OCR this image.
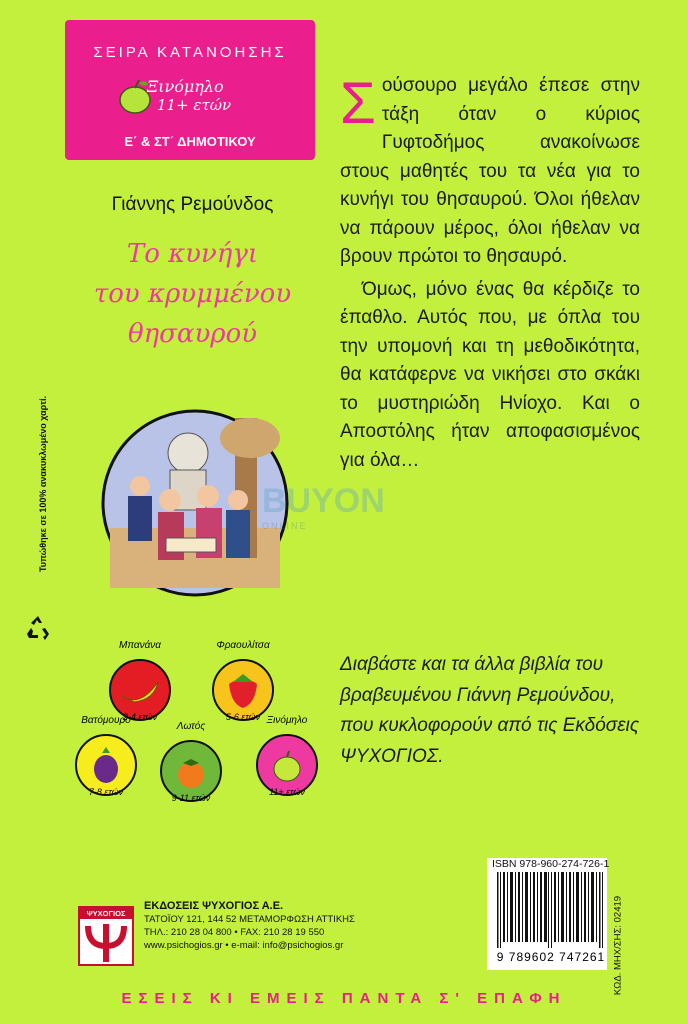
ΣΕΙΡΑ ΚΑΤΑΝΟΗΣΗΣ
Ξινόμηλο
11+ ετών
Ε΄ & ΣΤ΄ ΔΗΜΟΤΙΚΟΥ
Γιάννης Ρεμούνδος
Το κυνήγι
του κρυμμένου
θησαυρού
Τυπώθηκε σε 100% ανακυκλωμένο χαρτί.
Μπανάνα
2-4 ετών
Φραουλίτσα
5-6 ετών
Βατόμουρο
7-8 ετών
Λωτός
9-11 ετών
Ξινόμηλο
11+ ετών

Σούσουρο μεγάλο έπεσε στην τάξη όταν ο κύριος Γυφτοδήμος ανακοίνωσε στους μαθητές του τα νέα για το κυνήγι του θησαυρού. Όλοι ήθελαν να πάρουν μέρος, όλοι ήθελαν να βρουν πρώτοι το θησαυρό.

Όμως, μόνο ένας θα κέρδιζε το έπαθλο. Αυτός που, με όπλα του την υπομονή και τη μεθοδικότητα, θα κατάφερνε να νικήσει στο σκάκι το μυστηριώδη Ηνίοχο. Και ο Αποστόλης ήταν αποφασισμένος για όλα…

Διαβάστε και τα άλλα βιβλία του βραβευμένου Γιάννη Ρεμούνδου, που κυκλοφορούν από τις Εκδόσεις ΨΥΧΟΓΙΟΣ.
BUYON
ONLINE
ISBN 978-960-274-726-1
9 789602 747261 ΚΩΔ. ΜΗΧ/ΣΗΣ: 02419
ΨΥΧΟΓΙΟΣ
ΕΚΔΟΣΕΙΣ ΨΥΧΟΓΙΟΣ Α.Ε.
ΤΑΤΟΪΟΥ 121, 144 52 ΜΕΤΑΜΟΡΦΩΣΗ ΑΤΤΙΚΗΣ
ΤΗΛ.: 210 28 04 800 • FAX: 210 28 19 550
www.psichogios.gr • e-mail: info@psichogios.gr
ΕΣΕΙΣ ΚΙ ΕΜΕΙΣ ΠΑΝΤΑ Σ' ΕΠΑΦΗ
